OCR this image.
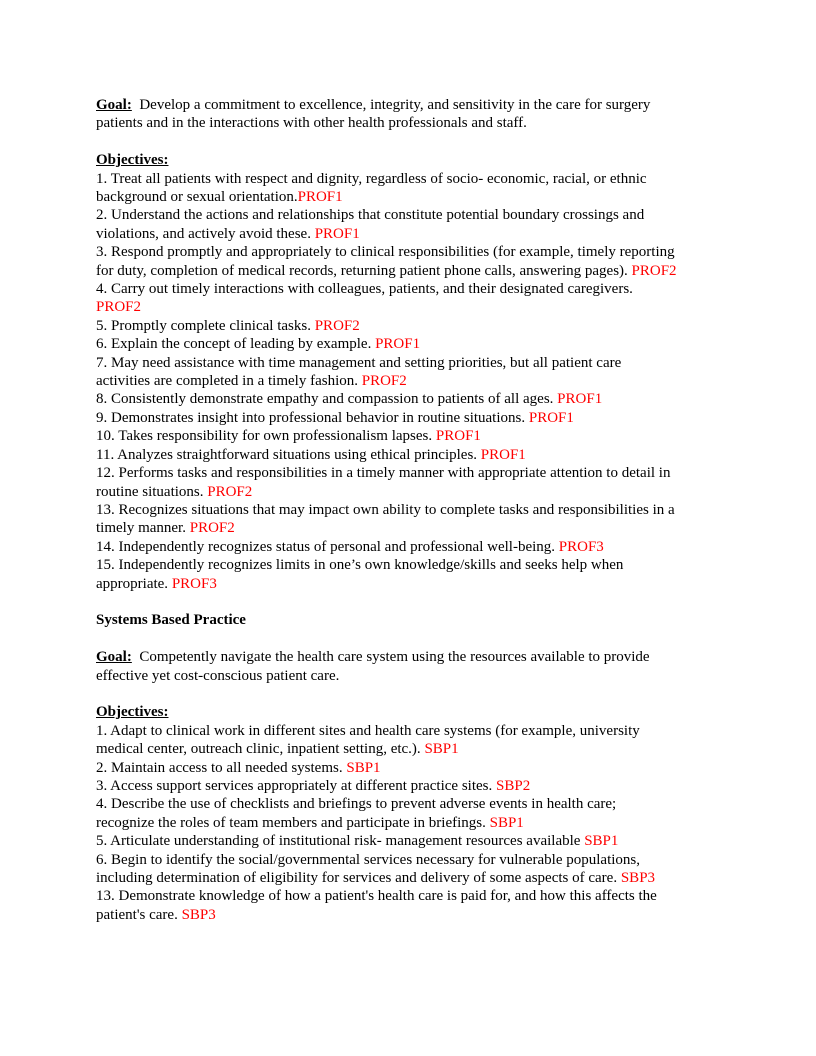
Goal:  Develop a commitment to excellence, integrity, and sensitivity in the care for surgery
patients and in the interactions with other health professionals and staff.
Objectives:
1. Treat all patients with respect and dignity, regardless of socio- economic, racial, or ethnic
background or sexual orientation.PROF1
2. Understand the actions and relationships that constitute potential boundary crossings and
violations, and actively avoid these. PROF1
3. Respond promptly and appropriately to clinical responsibilities (for example, timely reporting
for duty, completion of medical records, returning patient phone calls, answering pages). PROF2
4. Carry out timely interactions with colleagues, patients, and their designated caregivers.
PROF2
5. Promptly complete clinical tasks. PROF2
6. Explain the concept of leading by example. PROF1
7. May need assistance with time management and setting priorities, but all patient care
activities are completed in a timely fashion. PROF2
8. Consistently demonstrate empathy and compassion to patients of all ages. PROF1
9. Demonstrates insight into professional behavior in routine situations. PROF1
10. Takes responsibility for own professionalism lapses. PROF1
11. Analyzes straightforward situations using ethical principles. PROF1
12. Performs tasks and responsibilities in a timely manner with appropriate attention to detail in
routine situations. PROF2
13. Recognizes situations that may impact own ability to complete tasks and responsibilities in a
timely manner. PROF2
14. Independently recognizes status of personal and professional well-being. PROF3
15. Independently recognizes limits in one’s own knowledge/skills and seeks help when
appropriate. PROF3
Systems Based Practice
Goal:  Competently navigate the health care system using the resources available to provide
effective yet cost-conscious patient care.
Objectives:
1. Adapt to clinical work in different sites and health care systems (for example, university
medical center, outreach clinic, inpatient setting, etc.). SBP1
2. Maintain access to all needed systems. SBP1
3. Access support services appropriately at different practice sites. SBP2
4. Describe the use of checklists and briefings to prevent adverse events in health care;
recognize the roles of team members and participate in briefings. SBP1
5. Articulate understanding of institutional risk- management resources available SBP1
6. Begin to identify the social/governmental services necessary for vulnerable populations,
including determination of eligibility for services and delivery of some aspects of care. SBP3
13. Demonstrate knowledge of how a patient's health care is paid for, and how this affects the
patient's care. SBP3
